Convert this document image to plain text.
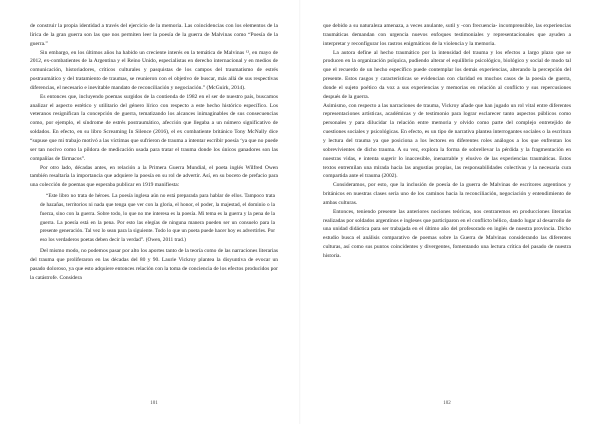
de construir la propia identidad a través del ejercicio de la memoria. Las coincidencias con los elementos de la lírica de la gran guerra son las que nos permiten leer la poesía de la guerra de Malvinas como “Poesía de la guerra.”

Sin embargo, en los últimos años ha habido un creciente interés en la temática de Malvinas ¹², en mayo de 2012, ex-combatientes de la Argentina y el Reino Unido, especialistas en derecho internacional y en medios de comunicación, historiadores, críticos culturales y pasquistas de los campos del traumatismo de estrés postraumático y del tratamiento de traumas, se reunieron con el objetivo de buscar, más allá de sus respectivas diferencias, el necesario e inevitable mandato de reconciliación y negociación.” (McGuirk, 2014).

Es entonces que, incluyendo poemas surgidos de la contienda de 1982 en el ser de nuestro país, buscamos analizar el aspecto estético y utilitario del género lírico con respecto a este hecho histórico específico. Los veteranos resignifican la concepción de guerra, tematizando los alcances inimaginables de sus consecuencias como, por ejemplo, el síndrome de estrés postraumático, afección que llegaba a un número significativo de soldados. En efecto, en su libro Screaming In Silence (2016), el ex combatiente británico Tony McNally dice “supuse que mi trabajo motivó a las víctimas que sufrieron de trauma a intentar escribir poesía ‘ya que no puede ser tan nocivo como la píldora de medicación usada para tratar el trauma donde los únicos ganadores son las compañías de fármacos”.

Por otro lado, décadas antes, en relación a la Primera Guerra Mundial, el poeta inglés Wilfred Owen también resaltaría la importancia que adquiere la poesía en su rol de advertir. Así, en su boceto de prefacio para una colección de poemas que esperaba publicar en 1919 manifiesta:

“Este libro no trata de héroes. La poesía inglesa aún no está preparada para hablar de ellos. Tampoco trata de hazañas, territorios ni nada que tenga que ver con la gloria, el honor, el poder, la majestad, el dominio o la fuerza, sino con la guerra. Sobre todo, lo que no me interesa es la poesía. Mi tema es la guerra y la pena de la guerra. La poesía está en la pena. Por esto las elegías de ninguna manera pueden ser un consuelo para la presente generación. Tal vez lo sean para la siguiente. Todo lo que un poeta puede hacer hoy es advertirles. Por eso los verdaderos poetas deben decir la verdad”. (Owen, 2011 trad.)

Del mismo modo, no podemos pasar por alto los aportes tanto de la teoría como de las narraciones literarias del trauma que proliferaron en las décadas del 80 y 90. Laurie Vickroy plantea la disyuntiva de evocar un pasado doloroso, ya que esto adquiere entonces relación con la toma de conciencia de los efectos producidos por la catástrofe. Considera

101

que debido a su naturaleza amenaza, a veces anulante, sutil y -con frecuencia- incomprensible, las experiencias traumáticas demandan con urgencia nuevos enfoques testimoniales y representacionales que ayuden a interpretar y reconfigurar los rastros enigmáticos de la violencia y la memoria.

La autora define al hecho traumático por la intensidad del trauma y los efectos a largo plazo que se producen en la organización psíquica, pudiendo alterar el equilibrio psicológico, biológico y social de modo tal que el recuerdo de un hecho específico puede contemplar los demás experiencias, alterando la percepción del presente. Estos rasgos y características se evidencian con claridad en muchos casos de la poesía de guerra, donde el sujeto poético da voz a sus experiencias y memorias en relación al conflicto y sus repercusiones después de la guerra.

Asimismo, con respecto a las narraciones de trauma, Vickroy añade que han jugado un rol vital entre diferentes representaciones artísticas, académicas y de testimonio para lograr esclarecer tanto aspectos públicos como personales y para dilucidar la relación entre memoria y olvido como parte del complejo entretejido de cuestiones sociales y psicológicas. En efecto, es un tipo de narrativa plantea interrogantes sociales o la escritura y lectura del trauma ya que posiciona a los lectores en diferentes roles análogos a los que enfrentan los sobrevivientes de dicho trauma. A su vez, explora la forma de sobrellevar la pérdida y la fragmentación en nuestras vidas, e intenta sugerir lo inaccesible, inenarrable y elusivo de las experiencias traumáticas. Estos textos entremilan una mirada hacia las angustias propias, las responsabilidades colectivas y la necesaria cura compartida ante el trauma (2002).

Consideramos, por esto, que la inclusión de poesía de la guerra de Malvinas de escritores argentinos y británicos en nuestras clases sería uno de los caminos hacia la reconciliación, negociación y entendimiento de ambas culturas.

Entonces, teniendo presente las anteriores nociones teóricas, nos centraremos en producciones literarias realizadas por soldados argentinos e ingleses que participaron en el conflicto bélico, dando lugar al desarrollo de una unidad didáctica para ser trabajada en el último año del profesorado en inglés de nuestra provincia. Dicho estudio busca el análisis comparativo de poemas sobre la Guerra de Malvinas considerando las diferentes culturas, así como sus puntos coincidentes y divergentes, fomentando una lectura crítica del pasado de nuestra historia.

102
